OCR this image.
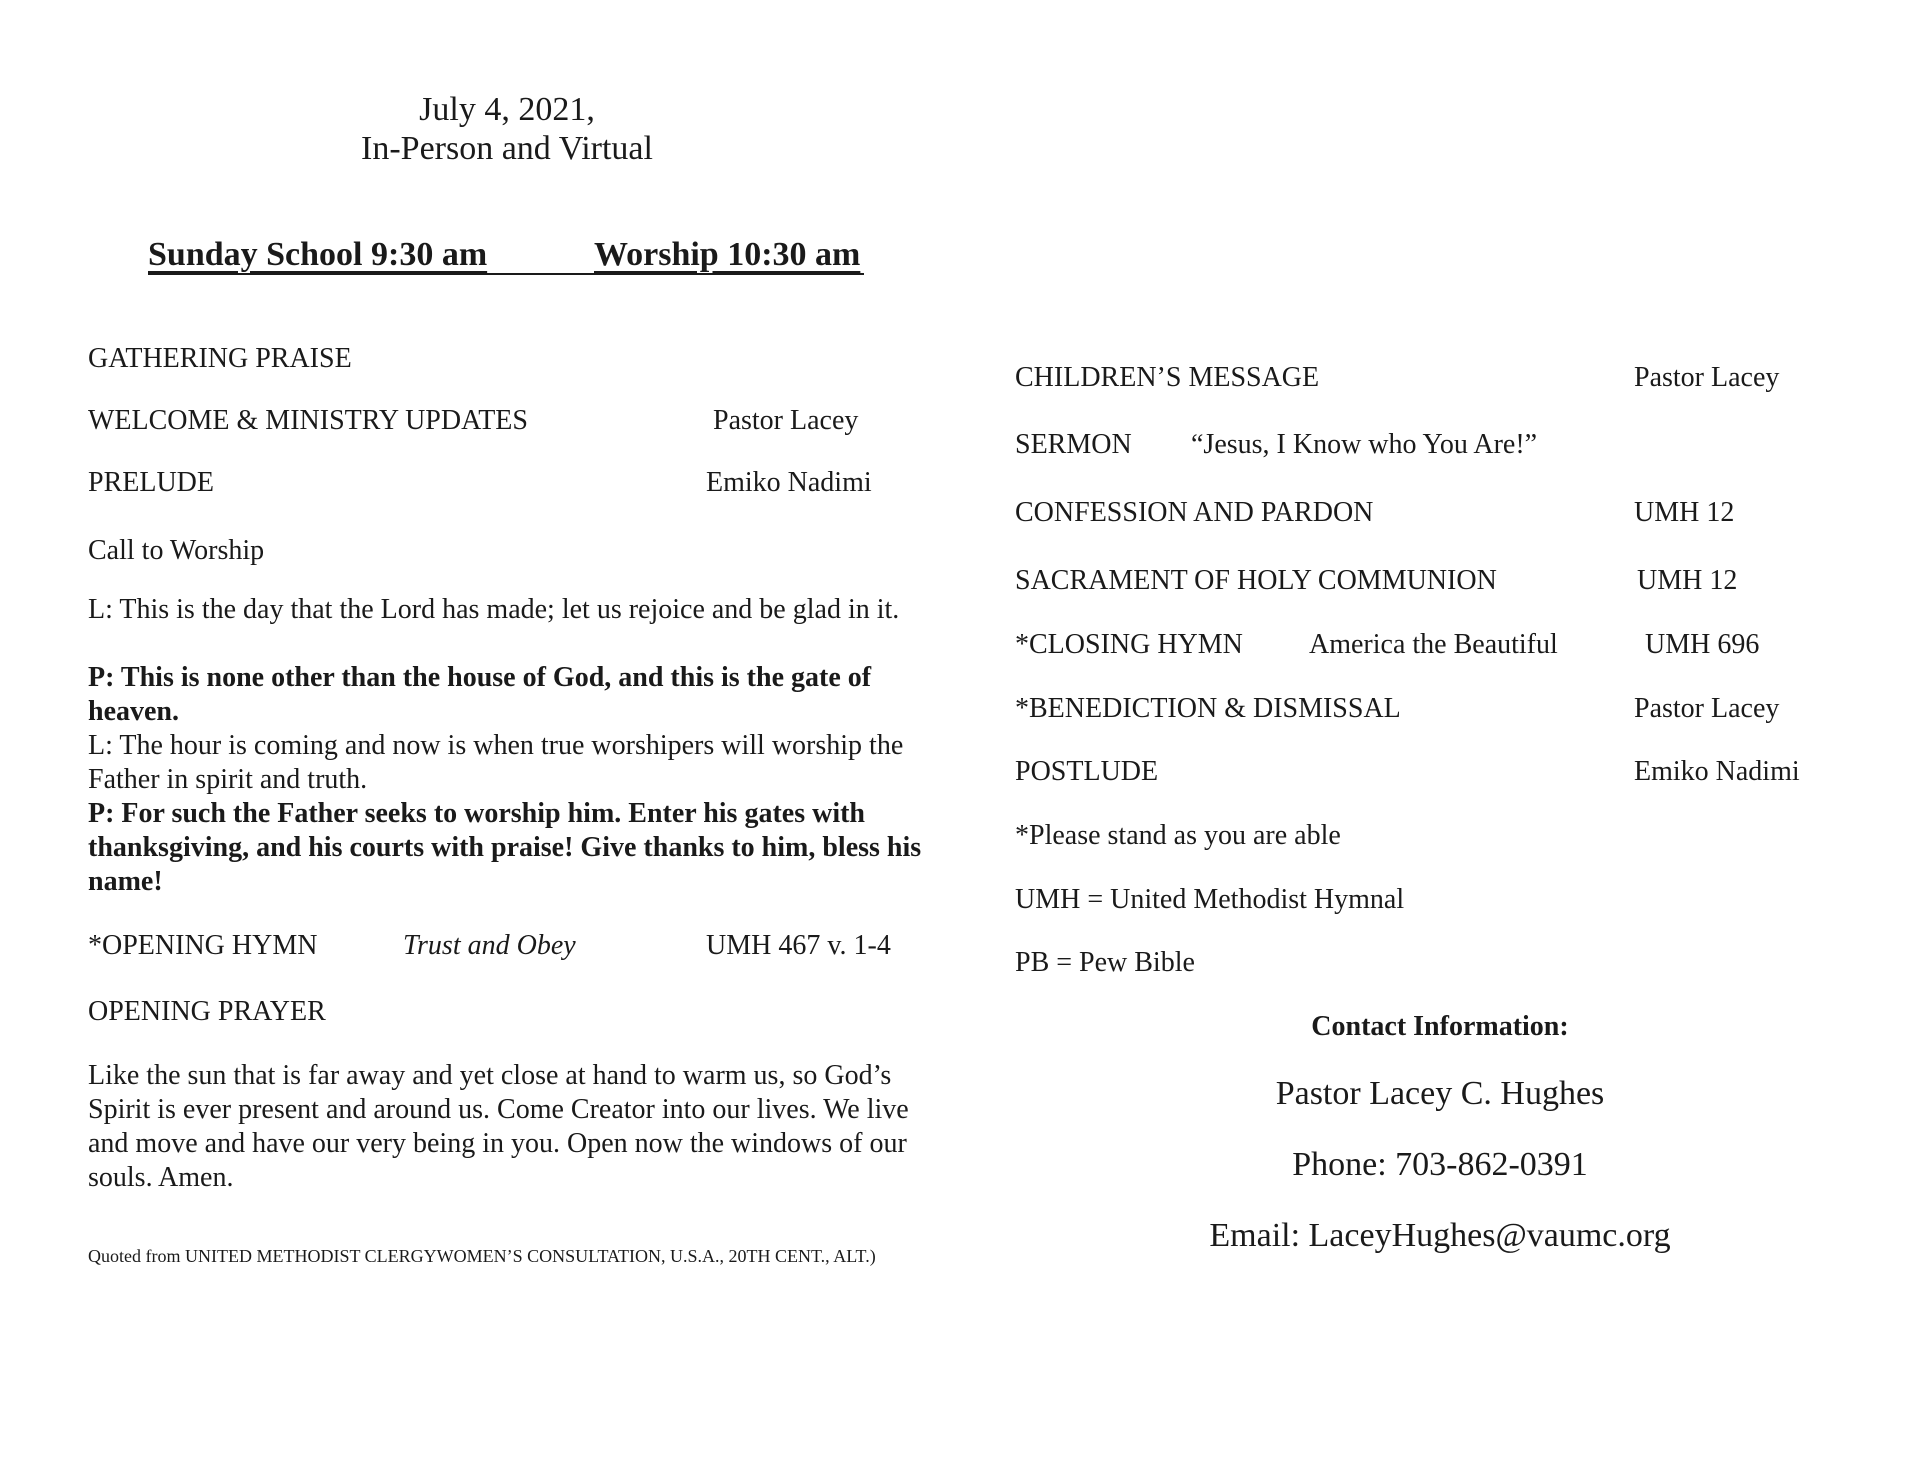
July 4, 2021,
In-Person and Virtual
Sunday School 9:30 am	Worship 10:30 am
GATHERING PRAISE
WELCOME & MINISTRY UPDATES	Pastor Lacey
PRELUDE	Emiko Nadimi
Call to Worship
L: This is the day that the Lord has made; let us rejoice and be glad in it.
P: This is none other than the house of God, and this is the gate of heaven.
L: The hour is coming and now is when true worshipers will worship the Father in spirit and truth.
P: For such the Father seeks to worship him. Enter his gates with thanksgiving, and his courts with praise! Give thanks to him, bless his name!
*OPENING HYMN	Trust and Obey	UMH 467 v. 1-4
OPENING PRAYER
Like the sun that is far away and yet close at hand to warm us, so God’s Spirit is ever present and around us. Come Creator into our lives. We live and move and have our very being in you. Open now the windows of our souls. Amen.
Quoted from UNITED METHODIST CLERGYWOMEN’S CONSULTATION, U.S.A., 20TH CENT., ALT.)
CHILDREN’S MESSAGE	Pastor Lacey
SERMON “Jesus, I Know who You Are!”
CONFESSION AND PARDON	UMH 12
SACRAMENT OF HOLY COMMUNION	UMH 12
*CLOSING HYMN America the Beautiful	UMH 696
*BENEDICTION & DISMISSAL	Pastor Lacey
POSTLUDE	Emiko Nadimi
*Please stand as you are able
UMH = United Methodist Hymnal
PB = Pew Bible
Contact Information:
Pastor Lacey C. Hughes
Phone: 703-862-0391
Email: LaceyHughes@vaumc.org
